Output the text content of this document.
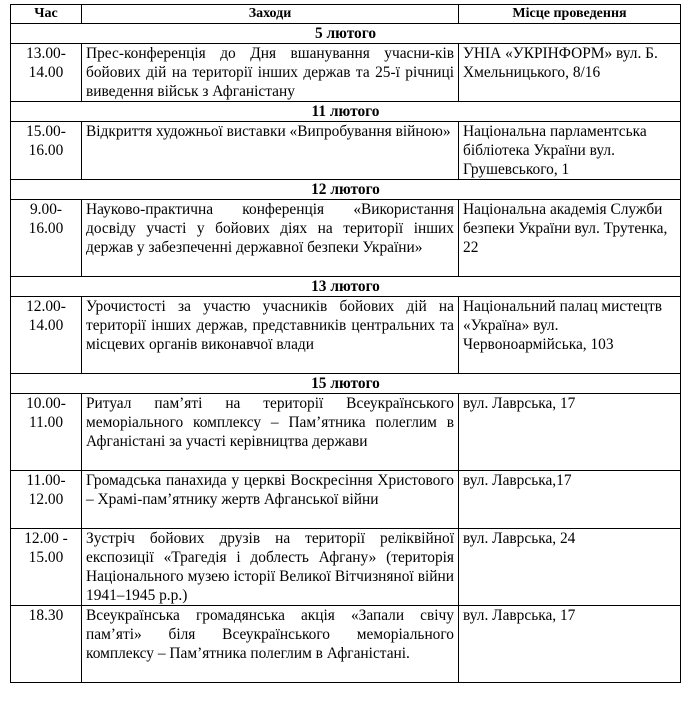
Час	Заходи	Місце проведення
5 лютого		
13.00-14.00	Прес-конференція до Дня вшанування учасни-ків бойових дій на території інших держав та 25-ї річниці виведення військ з Афганістану	УНІА «УКРІНФОРМ» вул. Б. Хмельницького, 8/16
11 лютого		
15.00-16.00	Відкриття художньої виставки «Випробування війною»	Національна парламентська бібліотека України вул. Грушевського, 1
12 лютого		
9.00-16.00	Науково-практична конференція «Використання досвіду участі у бойових діях на території інших держав у забезпеченні державної безпеки України»	Національна академія Служби безпеки України вул. Трутенка, 22
13 лютого		
12.00-14.00	Урочистості за участю учасників бойових дій на території інших держав, представників центральних та місцевих органів виконавчої влади	Національний палац мистецтв «Україна» вул. Червоноармійська, 103
15 лютого		
10.00-11.00	Ритуал пам’яті на території Всеукраїнського меморіального комплексу – Пам’ятника полеглим в Афганістані за участі керівництва держави	вул. Лаврська, 17
11.00-12.00	Громадська панахида у церкві Воскресіння Христового – Храмі-пам’ятнику жертв Афганської війни	вул. Лаврська,17
12.00 - 15.00	Зустріч бойових друзів на території реліквійної експозиції «Трагедія і доблесть Афгану» (територія Національного музею історії Великої Вітчизняної війни 1941–1945 р.р.)	вул. Лаврська, 24
18.30	Всеукраїнська громадянська акція «Запали свічу пам’яті» біля Всеукраїнського меморіального комплексу – Пам’ятника полеглим в Афганістані.	вул. Лаврська, 17
